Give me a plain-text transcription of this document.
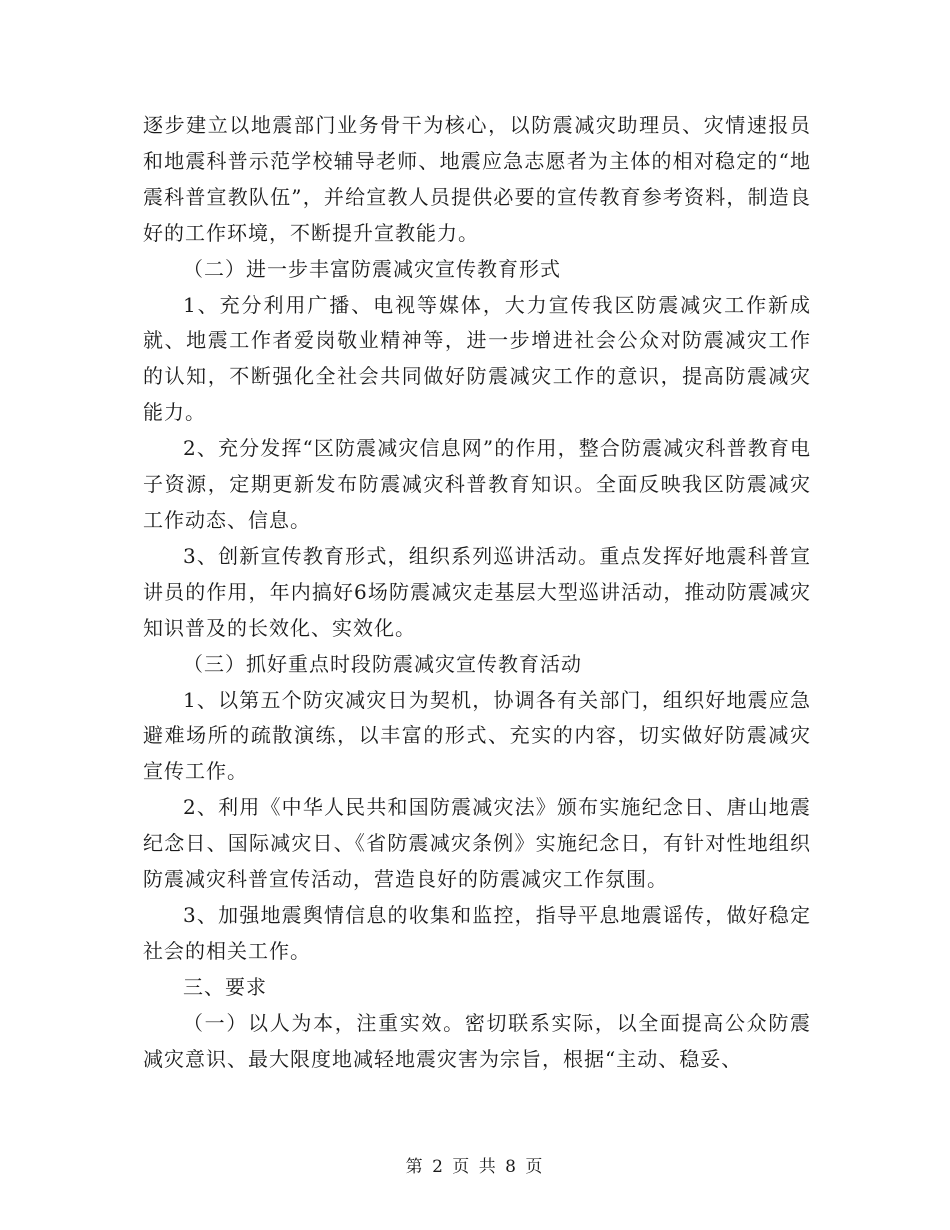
逐步建立以地震部门业务骨干为核心，以防震减灾助理员、灾情速报员和地震科普示范学校辅导老师、地震应急志愿者为主体的相对稳定的“地震科普宣教队伍”，并给宣教人员提供必要的宣传教育参考资料，制造良好的工作环境，不断提升宣教能力。

（二）进一步丰富防震减灾宣传教育形式

1、充分利用广播、电视等媒体，大力宣传我区防震减灾工作新成就、地震工作者爱岗敬业精神等，进一步增进社会公众对防震减灾工作的认知，不断强化全社会共同做好防震减灾工作的意识，提高防震减灾能力。

2、充分发挥“区防震减灾信息网”的作用，整合防震减灾科普教育电子资源，定期更新发布防震减灾科普教育知识。全面反映我区防震减灾工作动态、信息。

3、创新宣传教育形式，组织系列巡讲活动。重点发挥好地震科普宣讲员的作用，年内搞好6场防震减灾走基层大型巡讲活动，推动防震减灾知识普及的长效化、实效化。

（三）抓好重点时段防震减灾宣传教育活动

1、以第五个防灾减灾日为契机，协调各有关部门，组织好地震应急避难场所的疏散演练，以丰富的形式、充实的内容，切实做好防震减灾宣传工作。

2、利用《中华人民共和国防震减灾法》颁布实施纪念日、唐山地震纪念日、国际减灾日、《省防震减灾条例》实施纪念日，有针对性地组织防震减灾科普宣传活动，营造良好的防震减灾工作氛围。

3、加强地震舆情信息的收集和监控，指导平息地震谣传，做好稳定社会的相关工作。

三、要求

（一）以人为本，注重实效。密切联系实际，以全面提高公众防震减灾意识、最大限度地减轻地震灾害为宗旨，根据“主动、稳妥、

第 2 页 共 8 页
